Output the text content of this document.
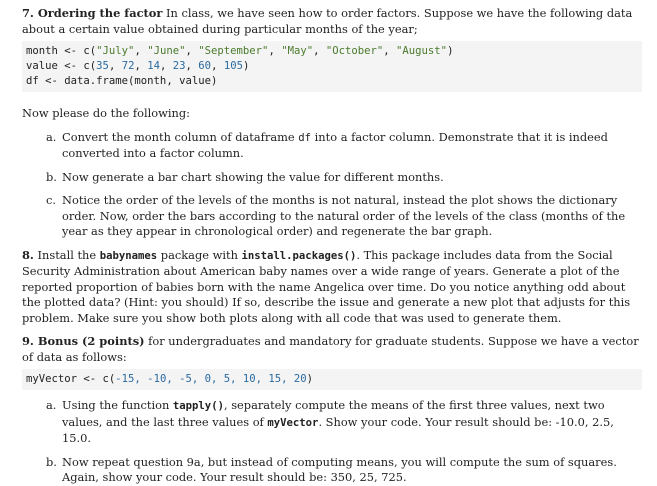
7. Ordering the factor In class, we have seen how to order factors. Suppose we have the following data about a certain value obtained during particular months of the year;

month <- c("July", "June", "September", "May", "October", "August")
value <- c(35, 72, 14, 23, 60, 105)
df <- data.frame(month, value)

Now please do the following:

a. Convert the month column of dataframe df into a factor column. Demonstrate that it is indeed converted into a factor column.
b. Now generate a bar chart showing the value for different months.
c. Notice the order of the levels of the months is not natural, instead the plot shows the dictionary order. Now, order the bars according to the natural order of the levels of the class (months of the year as they appear in chronological order) and regenerate the bar graph.

8. Install the babynames package with install.packages(). This package includes data from the Social Security Administration about American baby names over a wide range of years. Generate a plot of the reported proportion of babies born with the name Angelica over time. Do you notice anything odd about the plotted data? (Hint: you should) If so, describe the issue and generate a new plot that adjusts for this problem. Make sure you show both plots along with all code that was used to generate them.

9. Bonus (2 points) for undergraduates and mandatory for graduate students. Suppose we have a vector of data as follows:

myVector <- c(-15, -10, -5, 0, 5, 10, 15, 20)
a. Using the function tapply(), separately compute the means of the first three values, next two values, and the last three values of myVector. Show your code. Your result should be: -10.0, 2.5, 15.0.
b. Now repeat question 9a, but instead of computing means, you will compute the sum of squares. Again, show your code. Your result should be: 350, 25, 725.
